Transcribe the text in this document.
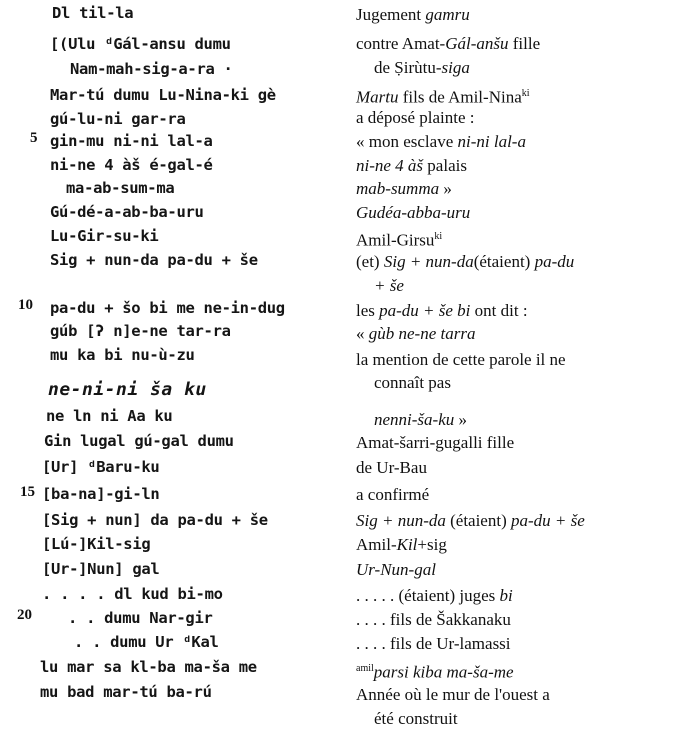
5
10
15
20
Dl til-la
[(Ulu ᵈGál-ansu dumu
Nam-mah-sig-a-ra ·
Mar-tú dumu Lu-Nina-ki gè
gú-lu-ni gar-ra
gin-mu ni-ni lal-a
ni-ne 4 àš é-gal-é
ma-ab-sum-ma
Gú-dé-a-ab-ba-uru
Lu-Gir-su-ki
Sig + nun-da pa-du + še
pa-du + šo bi me ne-in-dug
gúb [ʔ n]e-ne tar-ra
mu ka bi nu-ù-zu
ne-ni-ni ša ku
ne ln ni Aa ku
Gin lugal gú-gal dumu
[Ur] ᵈBaru-ku
[ba-na]-gi-ln
[Sig + nun] da pa-du + še
[Lú-]Kil-sig
[Ur-]Nun] gal
. . . . dl kud bi-mo
. . dumu Nar-gir
. . dumu Ur ᵈKal
lu mar sa kl-ba ma-ša me
mu bad mar-tú ba-rú
Jugement gamru
contre Amat-Gál-anšu fille
de Ṣirùtu-siga
Martu fils de Amil-Nina$^{ki}$
a déposé plainte :
« mon esclave ni-ni lal-a
ni-ne 4 àš palais
mab-summa »
Gudéa-abba-uru
Amil-Girsu$^{ki}$
(et) Sig + nun-da(étaient) pa-du
+ še
les pa-du + še bi ont dit :
« gùb ne-ne tarra
la mention de cette parole il ne
connaît pas
nenni-ša-ku »
Amat-šarri-gugalli fille
de Ur-Bau
a confirmé
Sig + nun-da (étaient) pa-du + še
Amil-Kil+sig
Ur-Nun-gal
. . . . . (étaient) juges bi
. . . . fils de Šakkanaku
. . . . fils de Ur-lamassi
$^{amil}$parsi kiba ma-ša-me
Année où le mur de l'ouest a
été construit
